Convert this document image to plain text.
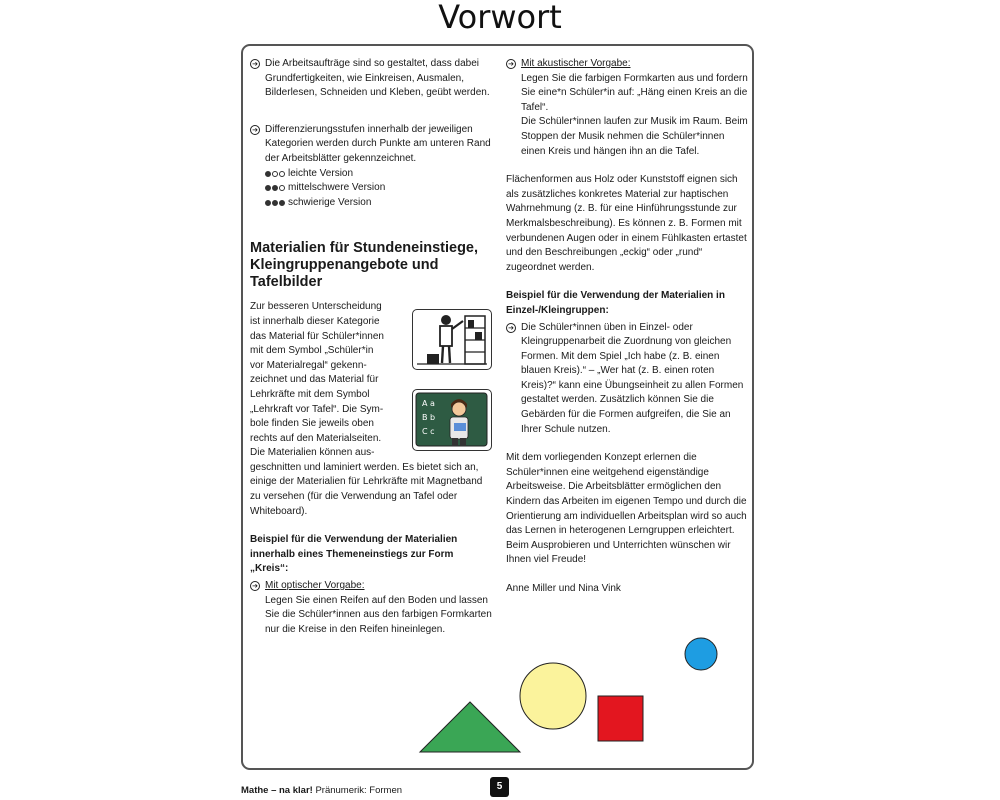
Vorwort
➔ Die Arbeitsaufträge sind so gestaltet, dass dabei Grundfertigkeiten, wie Einkreisen, Ausmalen, Bilderlesen, Schneiden und Kleben, geübt werden.
➔ Differenzierungsstufen innerhalb der jeweiligen Kategorien werden durch Punkte am unteren Rand der Arbeitsblätter gekennzeichnet.

leichte Version
mittelschwere Version
schwierige Version
Materialien für Stundeneinstiege, Kleingruppenangebote und Tafelbilder
Zur besseren Unterscheidung
ist innerhalb dieser Kategorie
das Material für Schüler*innen
mit dem Symbol „Schüler*in
vor Materialregal“ gekenn-
zeichnet und das Material für
Lehrkräfte mit dem Symbol
„Lehrkraft vor Tafel“. Die Sym-
bole finden Sie jeweils oben
rechts auf den Materialseiten.
Die Materialien können aus-

geschnitten und laminiert werden. Es bietet sich an, einige der Materialien für Lehrkräfte mit Magnetband zu versehen (für die Verwendung an Tafel oder Whiteboard).

Beispiel für die Verwendung der Materialien innerhalb eines Themeneinstiegs zur Form „Kreis“:

➔ Mit optischer Vorgabe:

Legen Sie einen Reifen auf den Boden und lassen Sie die Schüler*innen aus den farbigen Formkarten nur die Kreise in den Reifen hineinlegen.

A a
B b
C c
➔ Mit akustischer Vorgabe:

Legen Sie die farbigen Formkarten aus und fordern Sie eine*n Schüler*in auf: „Häng einen Kreis an die Tafel“.

Die Schüler*innen laufen zur Musik im Raum. Beim Stoppen der Musik nehmen die Schüler*innen einen Kreis und hängen ihn an die Tafel.

Flächenformen aus Holz oder Kunststoff eignen sich als zusätzliches konkretes Material zur haptischen Wahrnehmung (z. B. für eine Hinführungsstunde zur Merkmalsbeschreibung). Es können z. B. Formen mit verbundenen Augen oder in einem Fühlkasten ertastet und den Beschreibungen „eckig“ oder „rund“ zugeordnet werden.

Beispiel für die Verwendung der Materialien in Einzel-/Kleingruppen:

➔ Die Schüler*innen üben in Einzel- oder Kleingruppenarbeit die Zuordnung von gleichen Formen. Mit dem Spiel „Ich habe (z. B. einen blauen Kreis).“ – „Wer hat (z. B. einen roten Kreis)?“ kann eine Übungseinheit zu allen Formen gestaltet werden. Zusätzlich können Sie die Gebärden für die Formen aufgreifen, die Sie an Ihrer Schule nutzen.

Mit dem vorliegenden Konzept erlernen die Schüler*innen eine weitgehend eigenständige Arbeitsweise. Die Arbeitsblätter ermöglichen den Kindern das Arbeiten im eigenen Tempo und durch die Orientierung am individuellen Arbeitsplan wird so auch das Lernen in heterogenen Lerngruppen erleichtert.

Beim Ausprobieren und Unterrichten wünschen wir Ihnen viel Freude!

Anne Miller und Nina Vink

Mathe – na klar! Pränumerik: Formen	5
